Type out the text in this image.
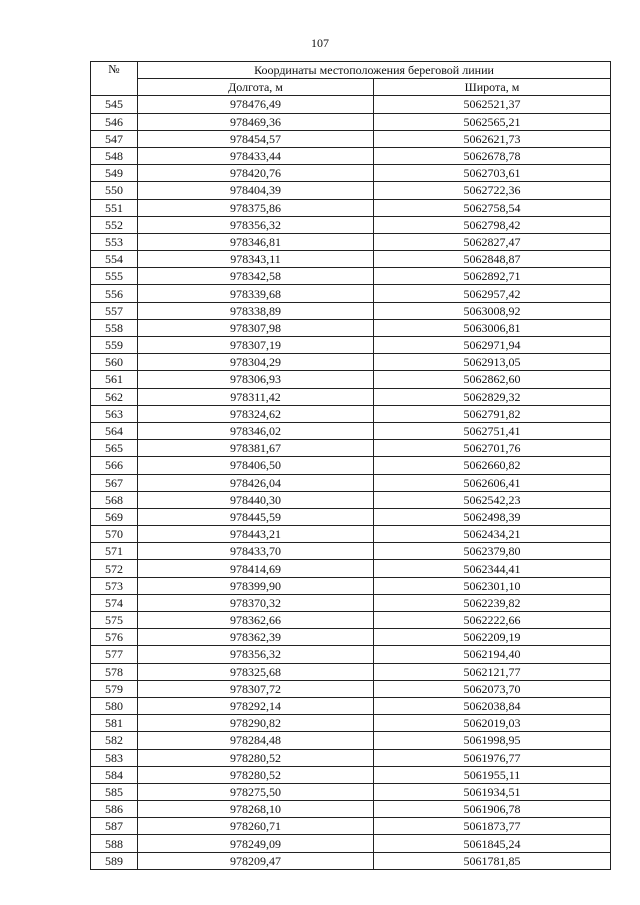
107
№	Координаты местоположения береговой линии	
	Долгота, м	Широта, м
545	978476,49	5062521,37
546	978469,36	5062565,21
547	978454,57	5062621,73
548	978433,44	5062678,78
549	978420,76	5062703,61
550	978404,39	5062722,36
551	978375,86	5062758,54
552	978356,32	5062798,42
553	978346,81	5062827,47
554	978343,11	5062848,87
555	978342,58	5062892,71
556	978339,68	5062957,42
557	978338,89	5063008,92
558	978307,98	5063006,81
559	978307,19	5062971,94
560	978304,29	5062913,05
561	978306,93	5062862,60
562	978311,42	5062829,32
563	978324,62	5062791,82
564	978346,02	5062751,41
565	978381,67	5062701,76
566	978406,50	5062660,82
567	978426,04	5062606,41
568	978440,30	5062542,23
569	978445,59	5062498,39
570	978443,21	5062434,21
571	978433,70	5062379,80
572	978414,69	5062344,41
573	978399,90	5062301,10
574	978370,32	5062239,82
575	978362,66	5062222,66
576	978362,39	5062209,19
577	978356,32	5062194,40
578	978325,68	5062121,77
579	978307,72	5062073,70
580	978292,14	5062038,84
581	978290,82	5062019,03
582	978284,48	5061998,95
583	978280,52	5061976,77
584	978280,52	5061955,11
585	978275,50	5061934,51
586	978268,10	5061906,78
587	978260,71	5061873,77
588	978249,09	5061845,24
589	978209,47	5061781,85
